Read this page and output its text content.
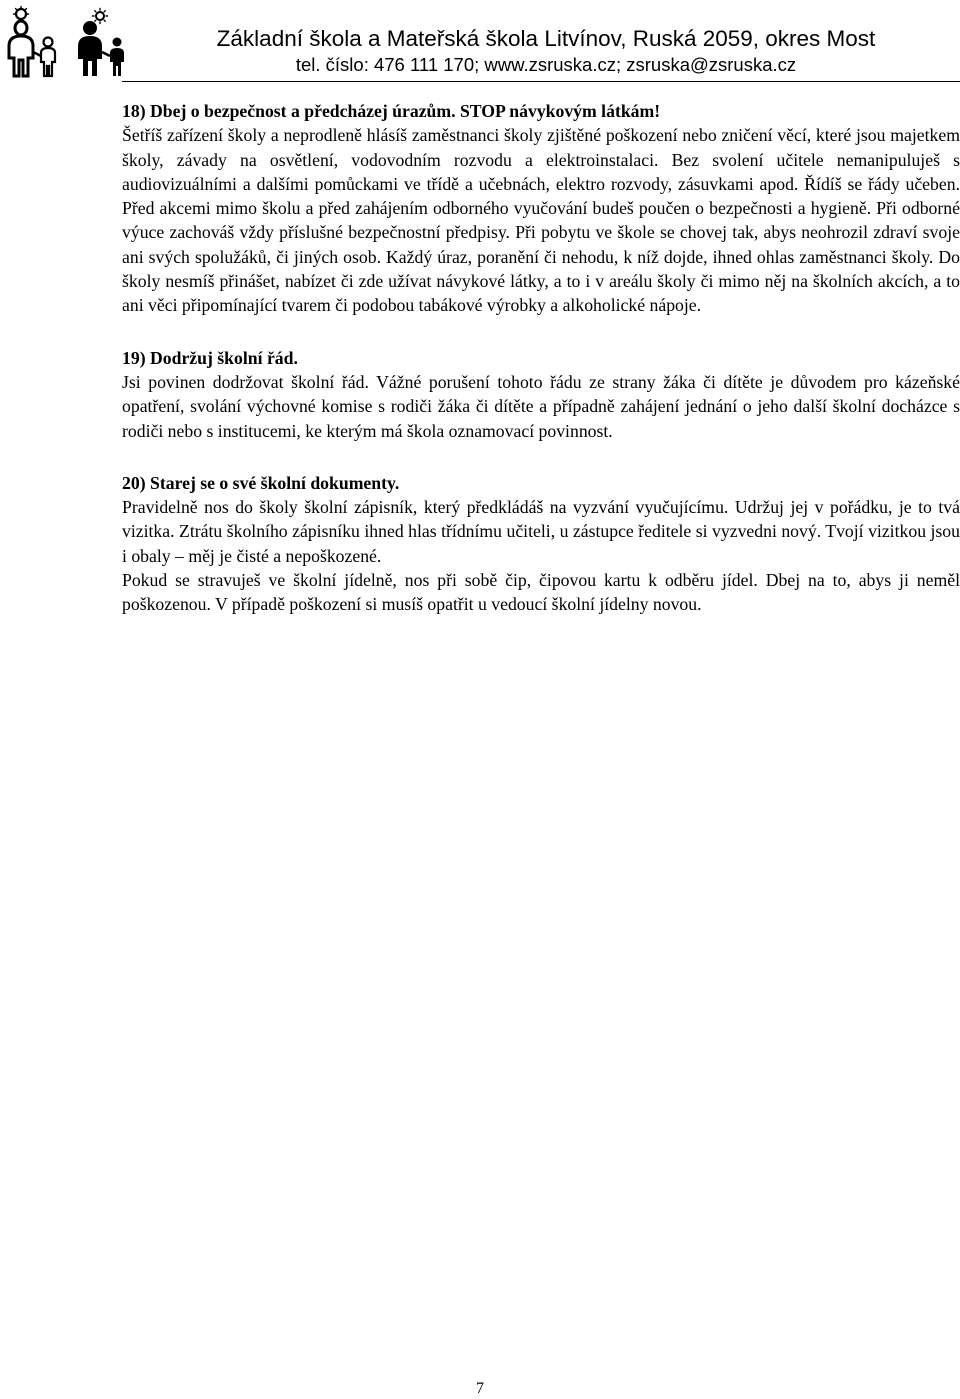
Základní škola a Mateřská škola Litvínov, Ruská 2059, okres Most
tel. číslo: 476 111 170; www.zsruska.cz; zsruska@zsruska.cz
18) Dbej o bezpečnost a předcházej úrazům. STOP návykovým látkám!

Šetříš zařízení školy a neprodleně hlásíš zaměstnanci školy zjištěné poškození nebo zničení věcí, které jsou majetkem školy, závady na osvětlení, vodovodním rozvodu a elektroinstalaci. Bez svolení učitele nemanipuluješ s audiovizuálními a dalšími pomůckami ve třídě a učebnách, elektro rozvody, zásuvkami apod. Řídíš se řády učeben. Před akcemi mimo školu a před zahájením odborného vyučování budeš poučen o bezpečnosti a hygieně. Při odborné výuce zachováš vždy příslušné bezpečnostní předpisy. Při pobytu ve škole se chovej tak, abys neohrozil zdraví svoje ani svých spolužáků, či jiných osob. Každý úraz, poranění či nehodu, k níž dojde, ihned ohlas zaměstnanci školy. Do školy nesmíš přinášet, nabízet či zde užívat návykové látky, a to i v areálu školy či mimo něj na školních akcích, a to ani věci připomínající tvarem či podobou tabákové výrobky a alkoholické nápoje.

19) Dodržuj školní řád.

Jsi povinen dodržovat školní řád. Vážné porušení tohoto řádu ze strany žáka či dítěte je důvodem pro kázeňské opatření, svolání výchovné komise s rodiči žáka či dítěte a případně zahájení jednání o jeho další školní docházce s rodiči nebo s institucemi, ke kterým má škola oznamovací povinnost.

20) Starej se o své školní dokumenty.

Pravidelně nos do školy školní zápisník, který předkládáš na vyzvání vyučujícímu. Udržuj jej v pořádku, je to tvá vizitka. Ztrátu školního zápisníku ihned hlas třídnímu učiteli, u zástupce ředitele si vyzvedni nový. Tvojí vizitkou jsou i obaly – měj je čisté a nepoškozené.

Pokud se stravuješ ve školní jídelně, nos při sobě čip, čipovou kartu k odběru jídel. Dbej na to, abys ji neměl poškozenou. V případě poškození si musíš opatřit u vedoucí školní jídelny novou.

7
